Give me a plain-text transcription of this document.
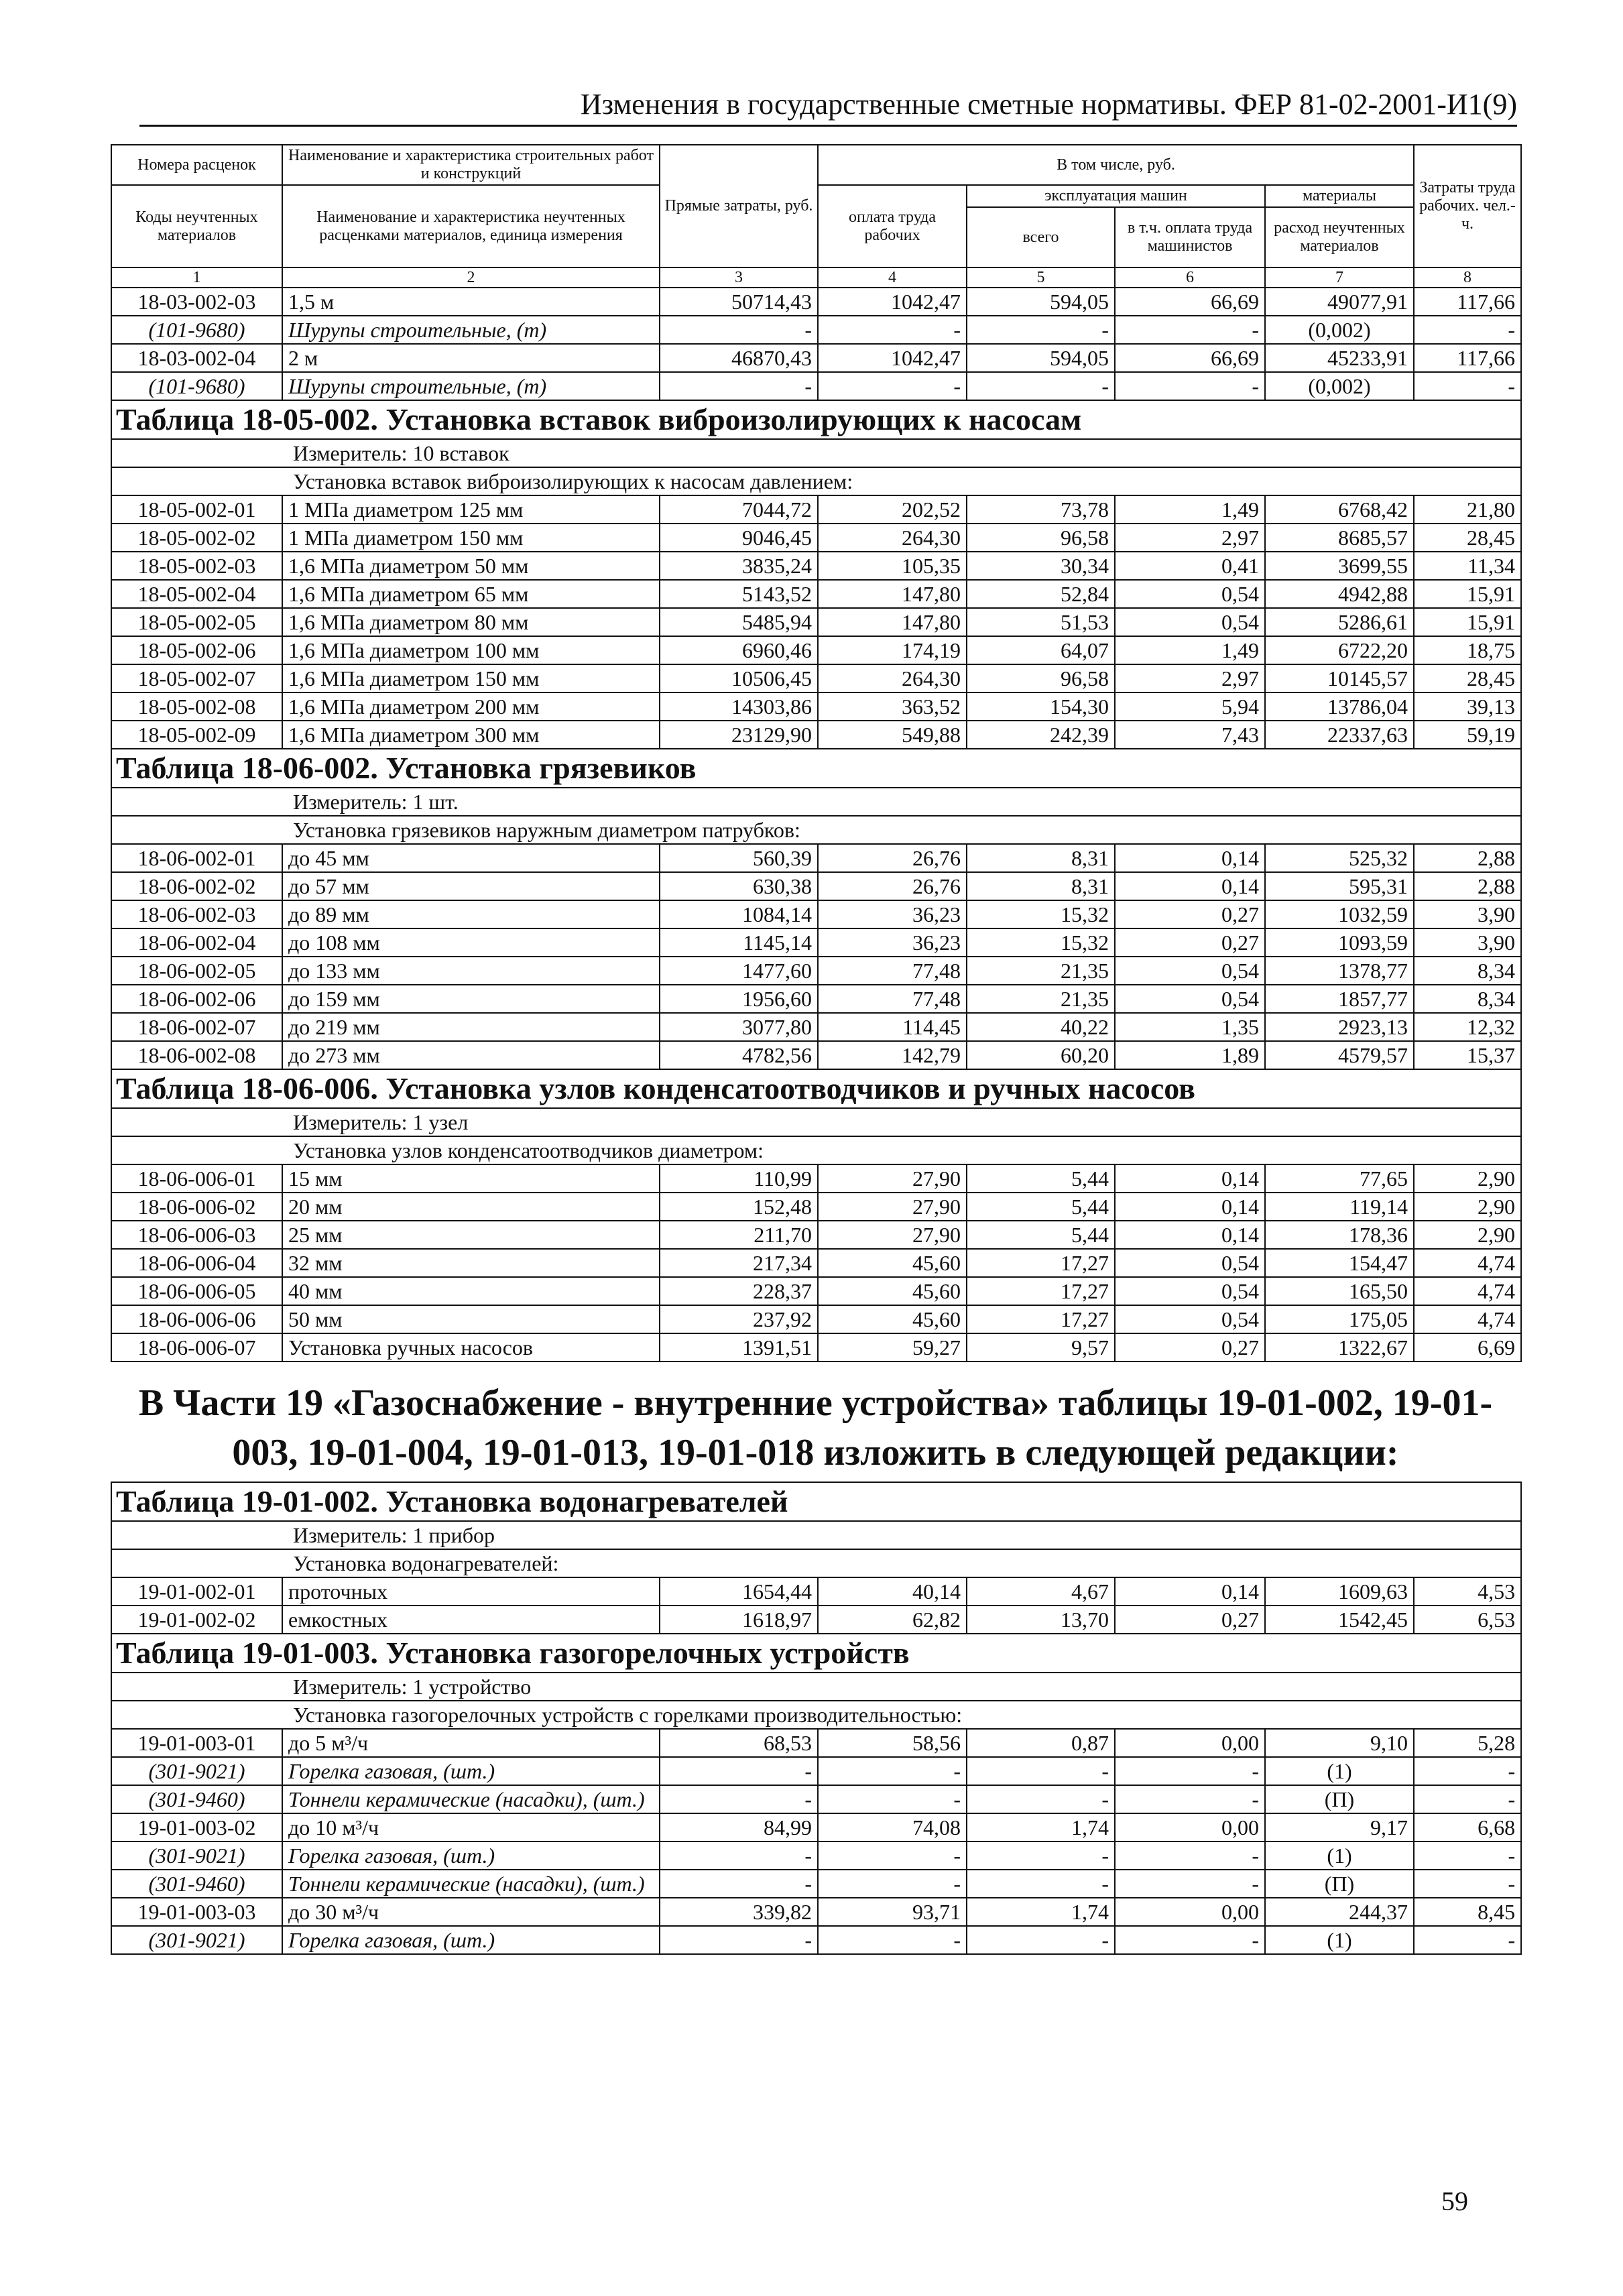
Изменения в государственные сметные нормативы. ФЕР 81-02-2001-И1(9)
Номера расценок	Наименование и характеристика строительных работ и конструкций	Прямые затраты, руб.	В том числе, руб.				Затраты труда рабочих. чел.-ч.
Коды неучтенных материалов	Наименование и характеристика неучтенных расценками материалов, единица измерения		оплата труда рабочих	эксплуатация машин		материалы	
				всего	в т.ч. оплата труда машинистов	расход неучтенных материалов	

1	2	3	4	5	6	7	8
18-03-002-03	1,5 м	50714,43	1042,47	594,05	66,69	49077,91	117,66
(101-9680)	Шурупы строительные, (т)	-	-	-	-	(0,002)	-
18-03-002-04	2 м	46870,43	1042,47	594,05	66,69	45233,91	117,66
(101-9680)	Шурупы строительные, (т)	-	-	-	-	(0,002)	-
Таблица 18-05-002. Установка вставок виброизолирующих к насосам							
Измеритель: 10 вставок							
Установка вставок виброизолирующих к насосам давлением:							
18-05-002-01	1 МПа диаметром 125 мм	7044,72	202,52	73,78	1,49	6768,42	21,80
18-05-002-02	1 МПа диаметром 150 мм	9046,45	264,30	96,58	2,97	8685,57	28,45
18-05-002-03	1,6 МПа диаметром 50 мм	3835,24	105,35	30,34	0,41	3699,55	11,34
18-05-002-04	1,6 МПа диаметром 65 мм	5143,52	147,80	52,84	0,54	4942,88	15,91
18-05-002-05	1,6 МПа диаметром 80 мм	5485,94	147,80	51,53	0,54	5286,61	15,91
18-05-002-06	1,6 МПа диаметром 100 мм	6960,46	174,19	64,07	1,49	6722,20	18,75
18-05-002-07	1,6 МПа диаметром 150 мм	10506,45	264,30	96,58	2,97	10145,57	28,45
18-05-002-08	1,6 МПа диаметром 200 мм	14303,86	363,52	154,30	5,94	13786,04	39,13
18-05-002-09	1,6 МПа диаметром 300 мм	23129,90	549,88	242,39	7,43	22337,63	59,19
Таблица 18-06-002. Установка грязевиков							
Измеритель: 1 шт.							
Установка грязевиков наружным диаметром патрубков:							
18-06-002-01	до 45 мм	560,39	26,76	8,31	0,14	525,32	2,88
18-06-002-02	до 57 мм	630,38	26,76	8,31	0,14	595,31	2,88
18-06-002-03	до 89 мм	1084,14	36,23	15,32	0,27	1032,59	3,90
18-06-002-04	до 108 мм	1145,14	36,23	15,32	0,27	1093,59	3,90
18-06-002-05	до 133 мм	1477,60	77,48	21,35	0,54	1378,77	8,34
18-06-002-06	до 159 мм	1956,60	77,48	21,35	0,54	1857,77	8,34
18-06-002-07	до 219 мм	3077,80	114,45	40,22	1,35	2923,13	12,32
18-06-002-08	до 273 мм	4782,56	142,79	60,20	1,89	4579,57	15,37
Таблица 18-06-006. Установка узлов конденсатоотводчиков и ручных насосов							
Измеритель: 1 узел							
Установка узлов конденсатоотводчиков диаметром:							
18-06-006-01	15 мм	110,99	27,90	5,44	0,14	77,65	2,90
18-06-006-02	20 мм	152,48	27,90	5,44	0,14	119,14	2,90
18-06-006-03	25 мм	211,70	27,90	5,44	0,14	178,36	2,90
18-06-006-04	32 мм	217,34	45,60	17,27	0,54	154,47	4,74
18-06-006-05	40 мм	228,37	45,60	17,27	0,54	165,50	4,74
18-06-006-06	50 мм	237,92	45,60	17,27	0,54	175,05	4,74
18-06-006-07	Установка ручных насосов	1391,51	59,27	9,57	0,27	1322,67	6,69
В Части 19 «Газоснабжение - внутренние устройства» таблицы 19-01-002, 19-01-003, 19-01-004, 19-01-013, 19-01-018 изложить в следующей редакции:
Таблица 19-01-002. Установка водонагревателей							
Измеритель: 1 прибор							
Установка водонагревателей:							
19-01-002-01	проточных	1654,44	40,14	4,67	0,14	1609,63	4,53
19-01-002-02	емкостных	1618,97	62,82	13,70	0,27	1542,45	6,53
Таблица 19-01-003. Установка газогорелочных устройств							
Измеритель: 1 устройство							
Установка газогорелочных устройств с горелками производительностью:							
19-01-003-01	до 5 м³/ч	68,53	58,56	0,87	0,00	9,10	5,28
(301-9021)	Горелка газовая, (шт.)	-	-	-	-	(1)	-
(301-9460)	Тоннели керамические (насадки), (шт.)	-	-	-	-	(П)	-
19-01-003-02	до 10 м³/ч	84,99	74,08	1,74	0,00	9,17	6,68
(301-9021)	Горелка газовая, (шт.)	-	-	-	-	(1)	-
(301-9460)	Тоннели керамические (насадки), (шт.)	-	-	-	-	(П)	-
19-01-003-03	до 30 м³/ч	339,82	93,71	1,74	0,00	244,37	8,45
(301-9021)	Горелка газовая, (шт.)	-	-	-	-	(1)	-
59
